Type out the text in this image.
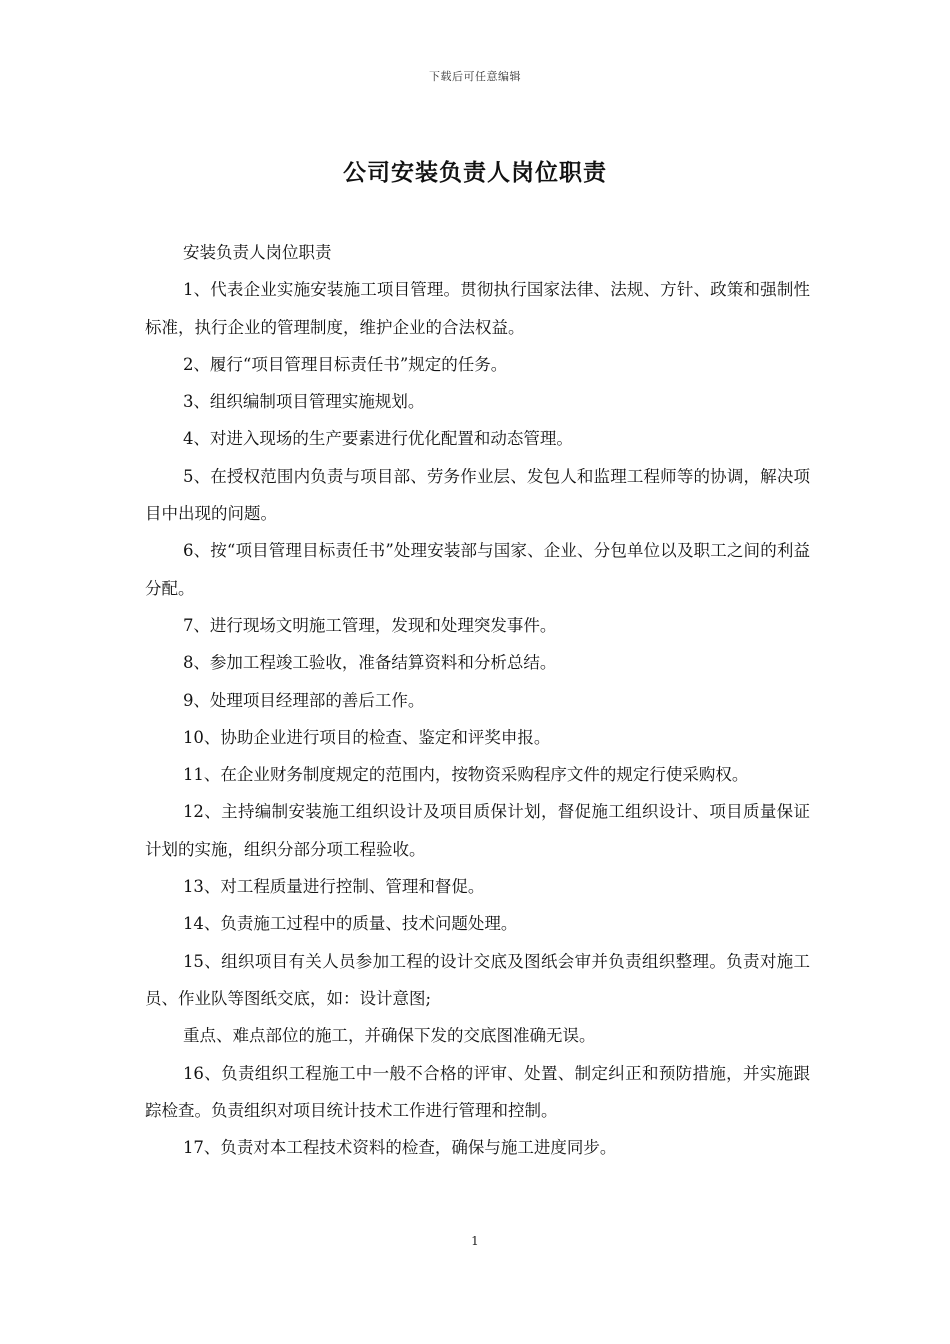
下载后可任意编辑
公司安装负责人岗位职责

安装负责人岗位职责

1、代表企业实施安装施工项目管理。贯彻执行国家法律、法规、方针、政策和强制性标准，执行企业的管理制度，维护企业的合法权益。

2、履行“项目管理目标责任书”规定的任务。

3、组织编制项目管理实施规划。

4、对进入现场的生产要素进行优化配置和动态管理。

5、在授权范围内负责与项目部、劳务作业层、发包人和监理工程师等的协调，解决项目中出现的问题。

6、按“项目管理目标责任书”处理安装部与国家、企业、分包单位以及职工之间的利益分配。

7、进行现场文明施工管理，发现和处理突发事件。

8、参加工程竣工验收，准备结算资料和分析总结。

9、处理项目经理部的善后工作。

10、协助企业进行项目的检查、鉴定和评奖申报。

11、在企业财务制度规定的范围内，按物资采购程序文件的规定行使采购权。

12、主持编制安装施工组织设计及项目质保计划，督促施工组织设计、项目质量保证计划的实施，组织分部分项工程验收。

13、对工程质量进行控制、管理和督促。

14、负责施工过程中的质量、技术问题处理。

15、组织项目有关人员参加工程的设计交底及图纸会审并负责组织整理。负责对施工员、作业队等图纸交底，如：设计意图;

重点、难点部位的施工，并确保下发的交底图准确无误。

16、负责组织工程施工中一般不合格的评审、处置、制定纠正和预防措施，并实施跟踪检查。负责组织对项目统计技术工作进行管理和控制。

17、负责对本工程技术资料的检查，确保与施工进度同步。

1
